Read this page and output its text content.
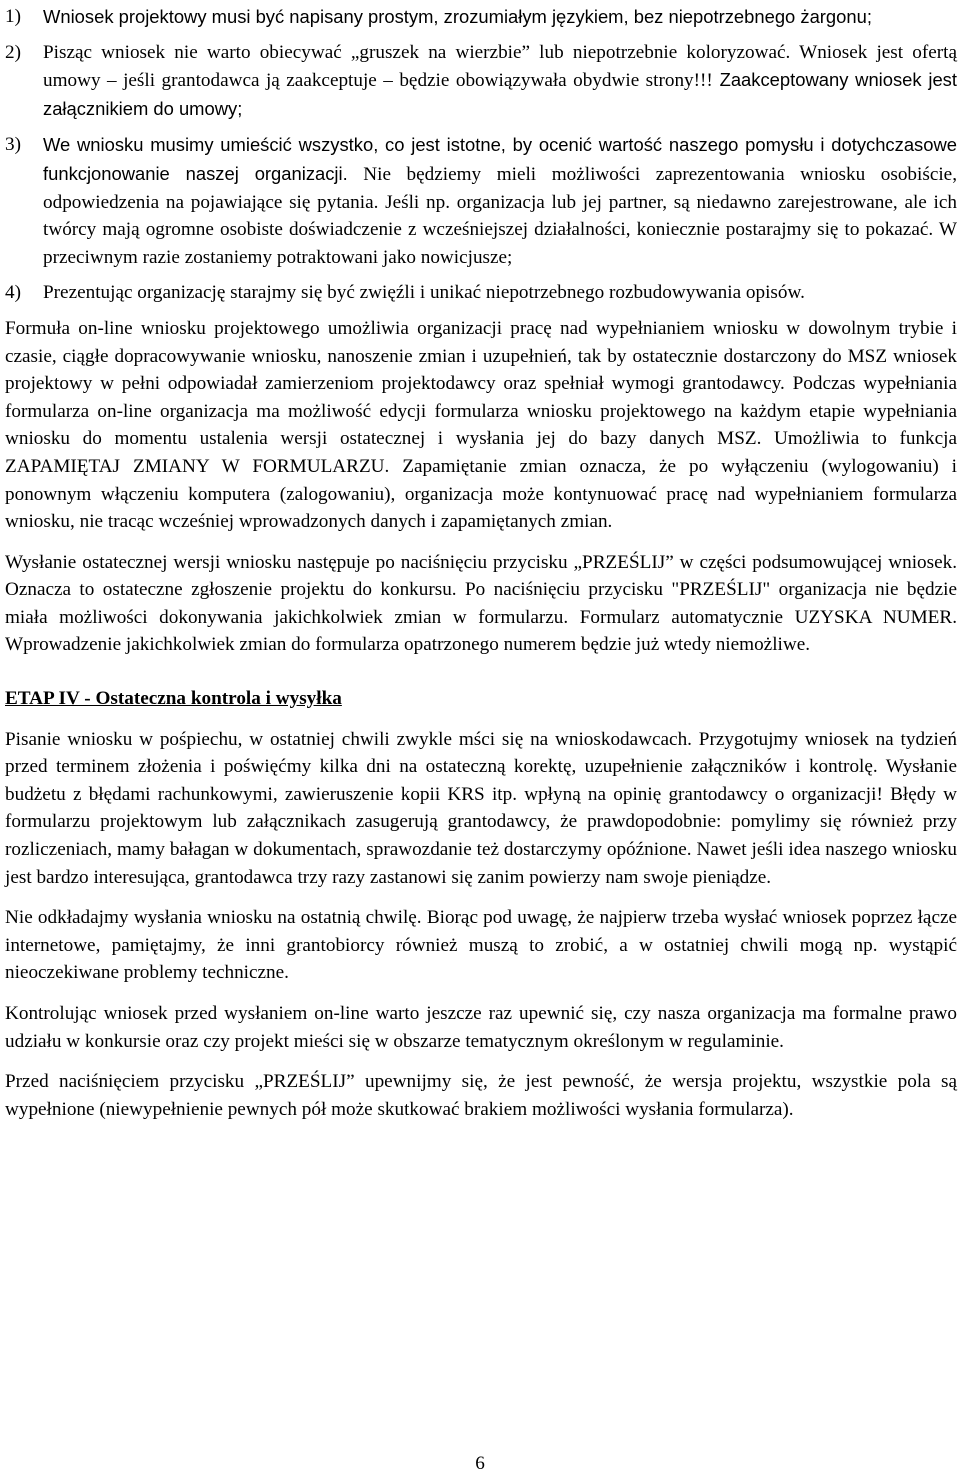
1)	Wniosek projektowy musi być napisany prostym, zrozumiałym językiem, bez niepotrzebnego żargonu;
2)	Pisząc wniosek nie warto obiecywać „gruszek na wierzbie” lub niepotrzebnie koloryzować. Wniosek jest ofertą umowy – jeśli grantodawca ją zaakceptuje – będzie obowiązywała obydwie strony!!! Zaakceptowany wniosek jest załącznikiem do umowy;
3)	We wniosku musimy umieścić wszystko, co jest istotne, by ocenić wartość naszego pomysłu i dotychczasowe funkcjonowanie naszej organizacji. Nie będziemy mieli możliwości zaprezentowania wniosku osobiście, odpowiedzenia na pojawiające się pytania. Jeśli np. organizacja lub jej partner, są niedawno zarejestrowane, ale ich twórcy mają ogromne osobiste doświadczenie z wcześniejszej działalności, koniecznie postarajmy się to pokazać. W przeciwnym razie zostaniemy potraktowani jako nowicjusze;
4)	Prezentując organizację starajmy się być zwięźli i unikać niepotrzebnego rozbudowywania opisów.

Formuła on-line wniosku projektowego umożliwia organizacji pracę nad wypełnianiem wniosku w dowolnym trybie i czasie, ciągłe dopracowywanie wniosku, nanoszenie zmian i uzupełnień, tak by ostatecznie dostarczony do MSZ wniosek projektowy w pełni odpowiadał zamierzeniom projektodawcy oraz spełniał wymogi grantodawcy. Podczas wypełniania formularza on-line organizacja ma możliwość edycji formularza wniosku projektowego na każdym etapie wypełniania wniosku do momentu ustalenia wersji ostatecznej i wysłania jej do bazy danych MSZ. Umożliwia to funkcja ZAPAMIĘTAJ ZMIANY W FORMULARZU. Zapamiętanie zmian oznacza, że po wyłączeniu (wylogowaniu) i ponownym włączeniu komputera (zalogowaniu), organizacja może kontynuować pracę nad wypełnianiem formularza wniosku, nie tracąc wcześniej wprowadzonych danych i zapamiętanych zmian.

Wysłanie ostatecznej wersji wniosku następuje po naciśnięciu przycisku „PRZEŚLIJ” w części podsumowującej wniosek. Oznacza to ostateczne zgłoszenie projektu do konkursu. Po naciśnięciu przycisku "PRZEŚLIJ" organizacja nie będzie miała możliwości dokonywania jakichkolwiek zmian w formularzu. Formularz automatycznie UZYSKA NUMER. Wprowadzenie jakichkolwiek zmian do formularza opatrzonego numerem będzie już wtedy niemożliwe.

ETAP IV - Ostateczna kontrola i wysyłka

Pisanie wniosku w pośpiechu, w ostatniej chwili zwykle mści się na wnioskodawcach. Przygotujmy wniosek na tydzień przed terminem złożenia i poświęćmy kilka dni na ostateczną korektę, uzupełnienie załączników i kontrolę. Wysłanie budżetu z błędami rachunkowymi, zawieruszenie kopii KRS itp. wpłyną na opinię grantodawcy o organizacji! Błędy w formularzu projektowym lub załącznikach zasugerują grantodawcy, że prawdopodobnie: pomylimy się również przy rozliczeniach, mamy bałagan w dokumentach, sprawozdanie też dostarczymy opóźnione. Nawet jeśli idea naszego wniosku jest bardzo interesująca, grantodawca trzy razy zastanowi się zanim powierzy nam swoje pieniądze.

Nie odkładajmy wysłania wniosku na ostatnią chwilę. Biorąc pod uwagę, że najpierw trzeba wysłać wniosek poprzez łącze internetowe, pamiętajmy, że inni grantobiorcy również muszą to zrobić, a w ostatniej chwili mogą np. wystąpić nieoczekiwane problemy techniczne.

Kontrolując wniosek przed wysłaniem on-line warto jeszcze raz upewnić się, czy nasza organizacja ma formalne prawo udziału w konkursie oraz czy projekt mieści się w obszarze tematycznym określonym w regulaminie.

Przed naciśnięciem przycisku „PRZEŚLIJ” upewnijmy się, że jest pewność, że wersja projektu, wszystkie pola są wypełnione (niewypełnienie pewnych pół może skutkować brakiem możliwości wysłania formularza).

6
